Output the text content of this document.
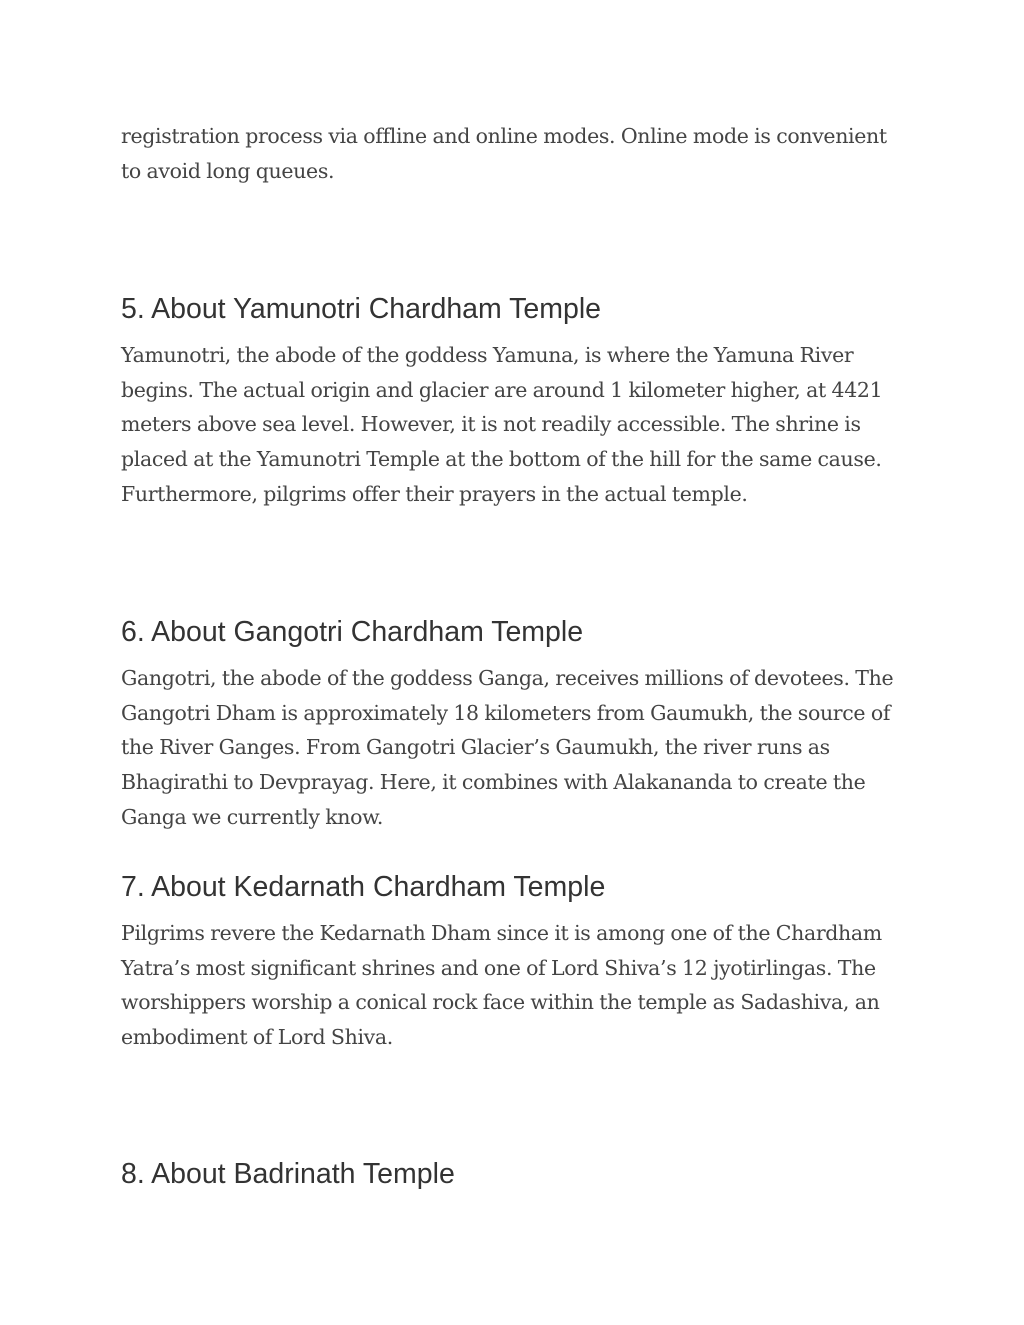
registration process via offline and online modes. Online mode is convenient to avoid long queues.

5. About Yamunotri Chardham Temple

Yamunotri, the abode of the goddess Yamuna, is where the Yamuna River begins. The actual origin and glacier are around 1 kilometer higher, at 4421 meters above sea level. However, it is not readily accessible. The shrine is placed at the Yamunotri Temple at the bottom of the hill for the same cause. Furthermore, pilgrims offer their prayers in the actual temple.

6. About Gangotri Chardham Temple

Gangotri, the abode of the goddess Ganga, receives millions of devotees. The Gangotri Dham is approximately 18 kilometers from Gaumukh, the source of the River Ganges. From Gangotri Glacier’s Gaumukh, the river runs as Bhagirathi to Devprayag. Here, it combines with Alakananda to create the Ganga we currently know.

7. About Kedarnath Chardham Temple

Pilgrims revere the Kedarnath Dham since it is among one of the Chardham Yatra’s most significant shrines and one of Lord Shiva’s 12 jyotirlingas. The worshippers worship a conical rock face within the temple as Sadashiva, an embodiment of Lord Shiva.

8. About Badrinath Temple
